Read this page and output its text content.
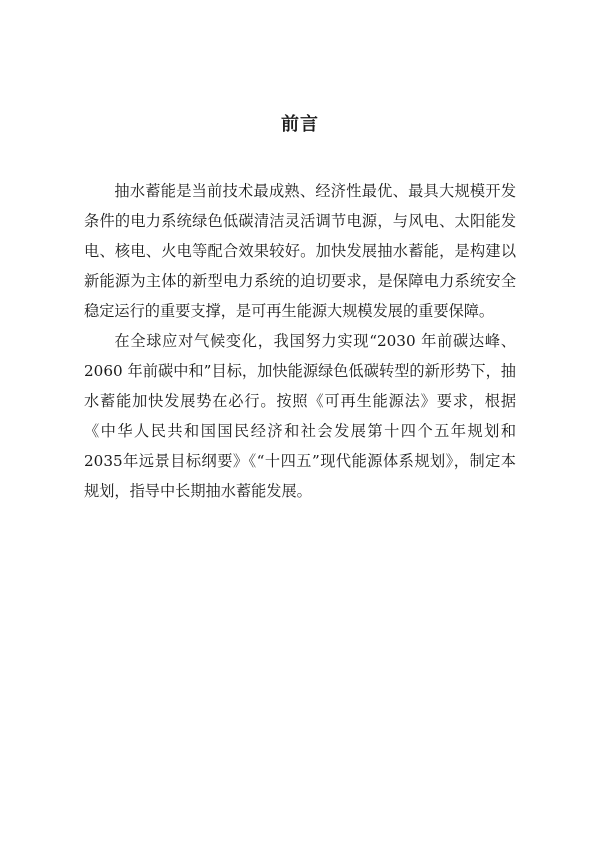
前言

抽水蓄能是当前技术最成熟、经济性最优、最具大规模开发条件的电力系统绿色低碳清洁灵活调节电源，与风电、太阳能发电、核电、火电等配合效果较好。加快发展抽水蓄能，是构建以新能源为主体的新型电力系统的迫切要求，是保障电力系统安全稳定运行的重要支撑，是可再生能源大规模发展的重要保障。

在全球应对气候变化，我国努力实现“2030 年前碳达峰、2060 年前碳中和”目标，加快能源绿色低碳转型的新形势下，抽水蓄能加快发展势在必行。按照《可再生能源法》要求，根据《中华人民共和国国民经济和社会发展第十四个五年规划和2035年远景目标纲要》《“十四五”现代能源体系规划》，制定本规划，指导中长期抽水蓄能发展。
